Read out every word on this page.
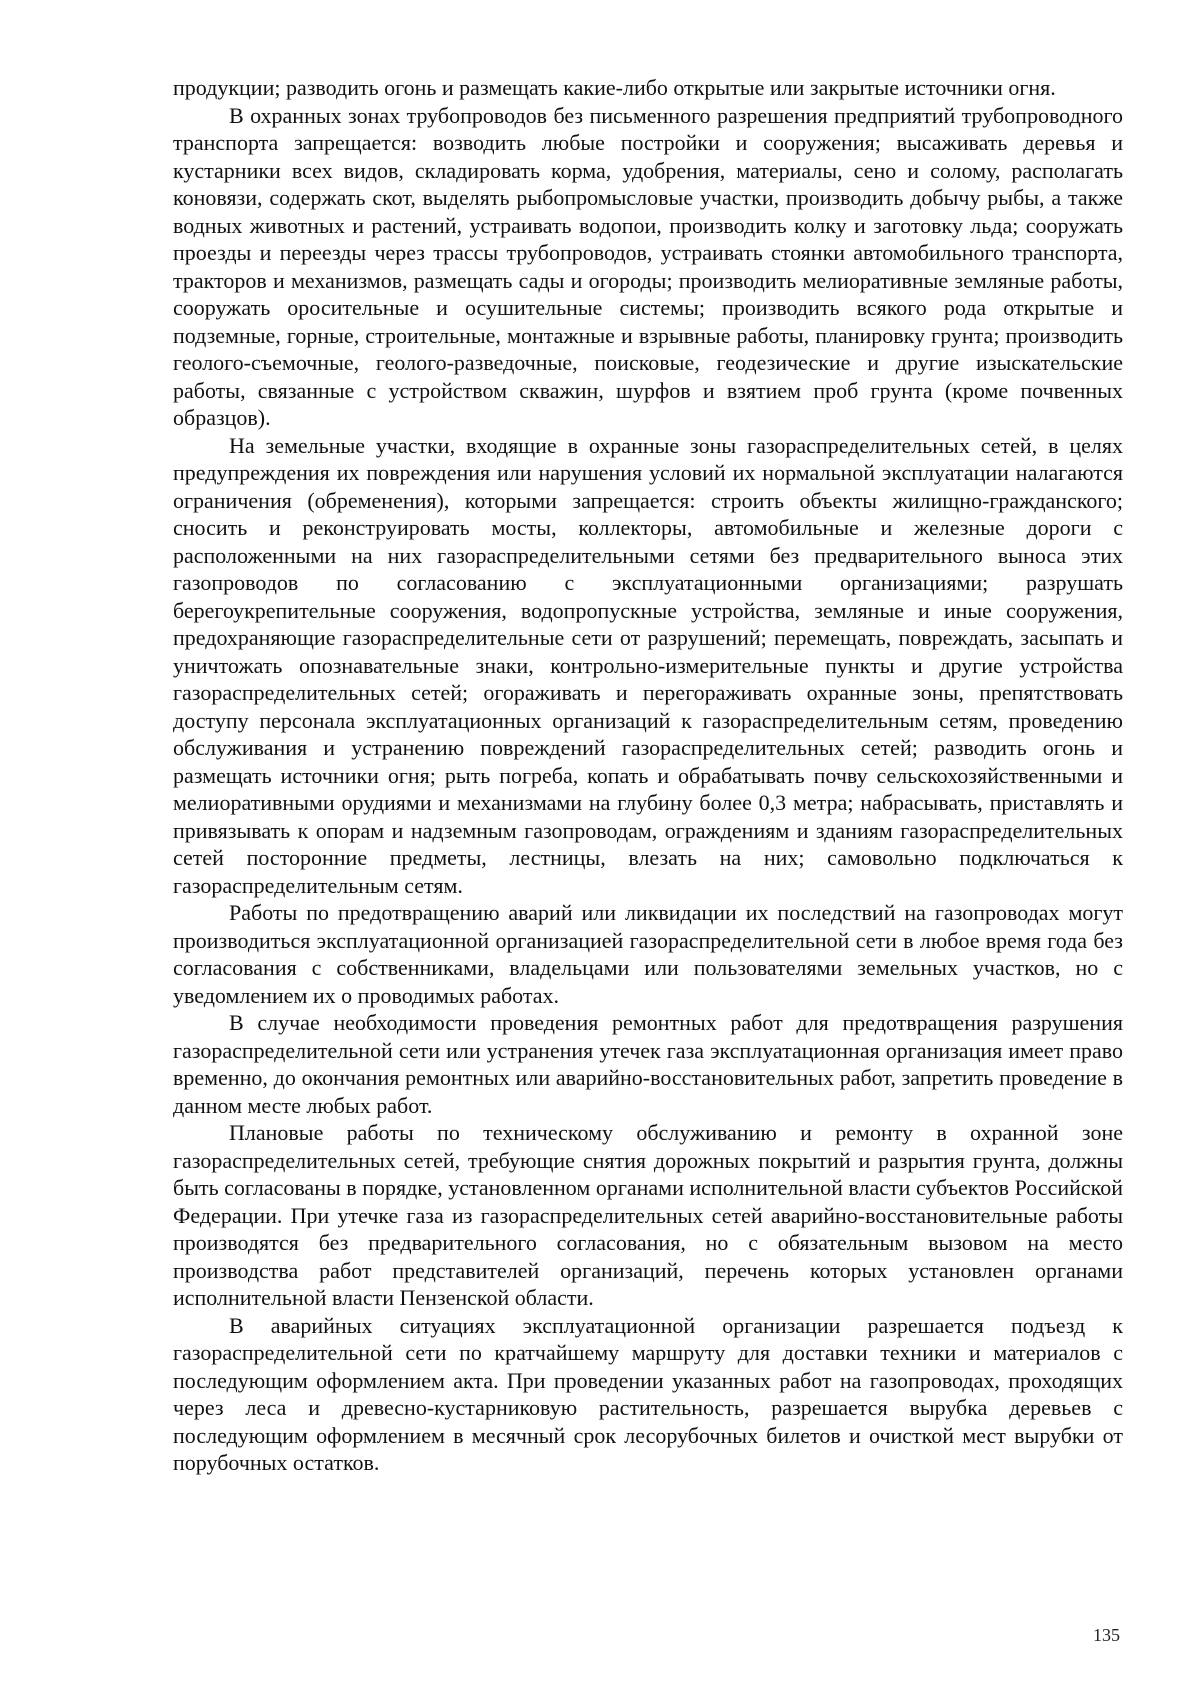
продукции; разводить огонь и размещать какие-либо открытые или закрытые источники огня.

В охранных зонах трубопроводов без письменного разрешения предприятий трубопроводного транспорта запрещается: возводить любые постройки и сооружения; высаживать деревья и кустарники всех видов, складировать корма, удобрения, материалы, сено и солому, располагать коновязи, содержать скот, выделять рыбопромысловые участки, производить добычу рыбы, а также водных животных и растений, устраивать водопои, производить колку и заготовку льда; сооружать проезды и переезды через трассы трубопроводов, устраивать стоянки автомобильного транспорта, тракторов и механизмов, размещать сады и огороды; производить мелиоративные земляные работы, сооружать оросительные и осушительные системы; производить всякого рода открытые и подземные, горные, строительные, монтажные и взрывные работы, планировку грунта; производить геолого-съемочные, геолого-разведочные, поисковые, геодезические и другие изыскательские работы, связанные с устройством скважин, шурфов и взятием проб грунта (кроме почвенных образцов).

На земельные участки, входящие в охранные зоны газораспределительных сетей, в целях предупреждения их повреждения или нарушения условий их нормальной эксплуатации налагаются ограничения (обременения), которыми запрещается: строить объекты жилищно-гражданского; сносить и реконструировать мосты, коллекторы, автомобильные и железные дороги с расположенными на них газораспределительными сетями без предварительного выноса этих газопроводов по согласованию с эксплуатационными организациями; разрушать берегоукрепительные сооружения, водопропускные устройства, земляные и иные сооружения, предохраняющие газораспределительные сети от разрушений; перемещать, повреждать, засыпать и уничтожать опознавательные знаки, контрольно-измерительные пункты и другие устройства газораспределительных сетей; огораживать и перегораживать охранные зоны, препятствовать доступу персонала эксплуатационных организаций к газораспределительным сетям, проведению обслуживания и устранению повреждений газораспределительных сетей; разводить огонь и размещать источники огня; рыть погреба, копать и обрабатывать почву сельскохозяйственными и мелиоративными орудиями и механизмами на глубину более 0,3 метра; набрасывать, приставлять и привязывать к опорам и надземным газопроводам, ограждениям и зданиям газораспределительных сетей посторонние предметы, лестницы, влезать на них; самовольно подключаться к газораспределительным сетям.

Работы по предотвращению аварий или ликвидации их последствий на газопроводах могут производиться эксплуатационной организацией газораспределительной сети в любое время года без согласования с собственниками, владельцами или пользователями земельных участков, но с уведомлением их о проводимых работах.

В случае необходимости проведения ремонтных работ для предотвращения разрушения газораспределительной сети или устранения утечек газа эксплуатационная организация имеет право временно, до окончания ремонтных или аварийно-восстановительных работ, запретить проведение в данном месте любых работ.

Плановые работы по техническому обслуживанию и ремонту в охранной зоне газораспределительных сетей, требующие снятия дорожных покрытий и разрытия грунта, должны быть согласованы в порядке, установленном органами исполнительной власти субъектов Российской Федерации. При утечке газа из газораспределительных сетей аварийно-восстановительные работы производятся без предварительного согласования, но с обязательным вызовом на место производства работ представителей организаций, перечень которых установлен органами исполнительной власти Пензенской области.

В аварийных ситуациях эксплуатационной организации разрешается подъезд к газораспределительной сети по кратчайшему маршруту для доставки техники и материалов с последующим оформлением акта. При проведении указанных работ на газопроводах, проходящих через леса и древесно-кустарниковую растительность, разрешается вырубка деревьев с последующим оформлением в месячный срок лесорубочных билетов и очисткой мест вырубки от порубочных остатков.

135
